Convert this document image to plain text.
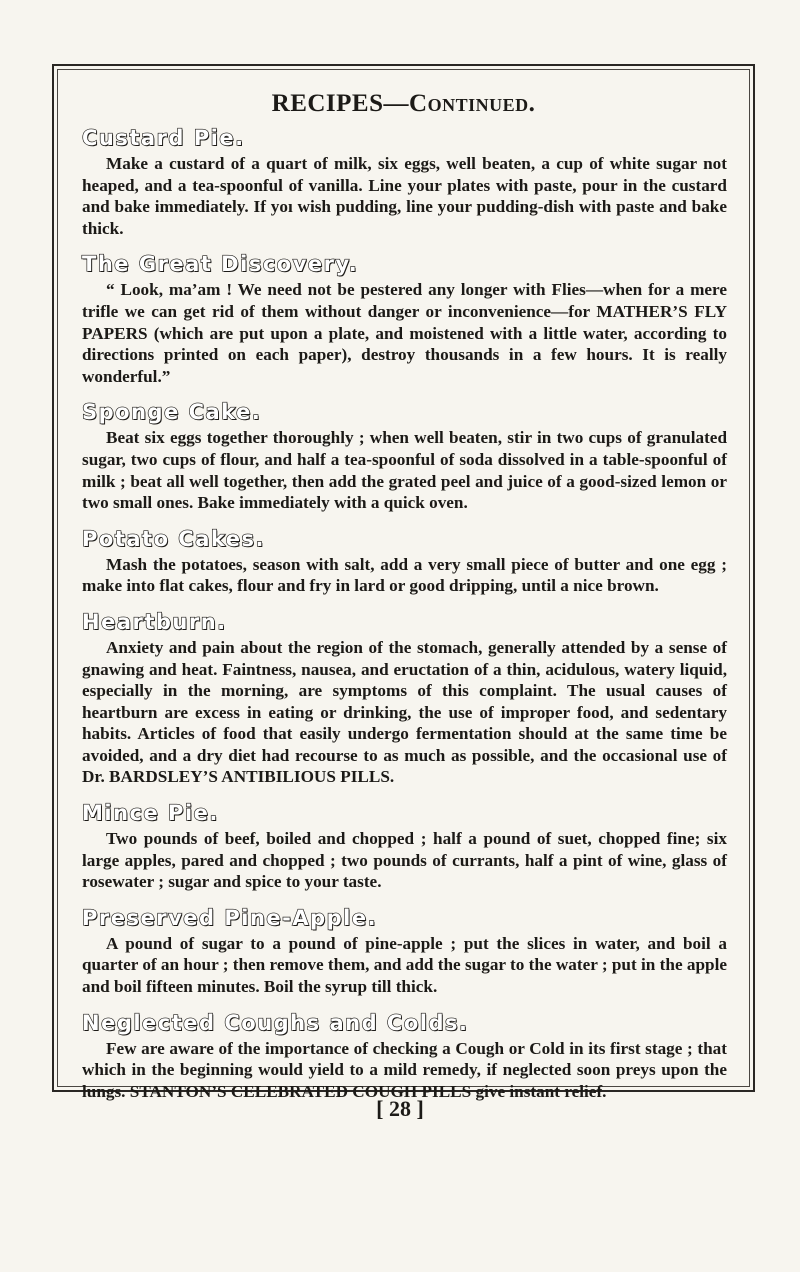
RECIPES—Continued.
Custard Pie.

Make a custard of a quart of milk, six eggs, well beaten, a cup of white sugar not heaped, and a tea-spoonful of vanilla. Line your plates with paste, pour in the custard and bake immediately. If yoı wish pudding, line your pudding-dish with paste and bake thick.

The Great Discovery.

“ Look, ma’am ! We need not be pestered any longer with Flies—when for a mere trifle we can get rid of them without danger or inconvenience—for MATHER’S FLY PAPERS (which are put upon a plate, and moistened with a little water, according to directions printed on each paper), destroy thousands in a few hours. It is really wonderful.”

Sponge Cake.

Beat six eggs together thoroughly ; when well beaten, stir in two cups of granulated sugar, two cups of flour, and half a tea-spoonful of soda dissolved in a table-spoonful of milk ; beat all well together, then add the grated peel and juice of a good-sized lemon or two small ones. Bake immediately with a quick oven.

Potato Cakes.

Mash the potatoes, season with salt, add a very small piece of butter and one egg ; make into flat cakes, flour and fry in lard or good dripping, until a nice brown.

Heartburn.

Anxiety and pain about the region of the stomach, generally attended by a sense of gnawing and heat. Faintness, nausea, and eructation of a thin, acidulous, watery liquid, especially in the morning, are symptoms of this complaint. The usual causes of heartburn are excess in eating or drinking, the use of improper food, and sedentary habits. Articles of food that easily undergo fermentation should at the same time be avoided, and a dry diet had recourse to as much as possible, and the occasional use of Dr. BARDSLEY’S ANTIBILIOUS PILLS.

Mince Pie.

Two pounds of beef, boiled and chopped ; half a pound of suet, chopped fine; six large apples, pared and chopped ; two pounds of currants, half a pint of wine, glass of rosewater ; sugar and spice to your taste.

Preserved Pine-Apple.

A pound of sugar to a pound of pine-apple ; put the slices in water, and boil a quarter of an hour ; then remove them, and add the sugar to the water ; put in the apple and boil fifteen minutes. Boil the syrup till thick.

Neglected Coughs and Colds.

Few are aware of the importance of checking a Cough or Cold in its first stage ; that which in the beginning would yield to a mild remedy, if neglected soon preys upon the lungs. STANTON’S CELEBRATED COUGH PILLS give instant relief.

[ 28 ]
